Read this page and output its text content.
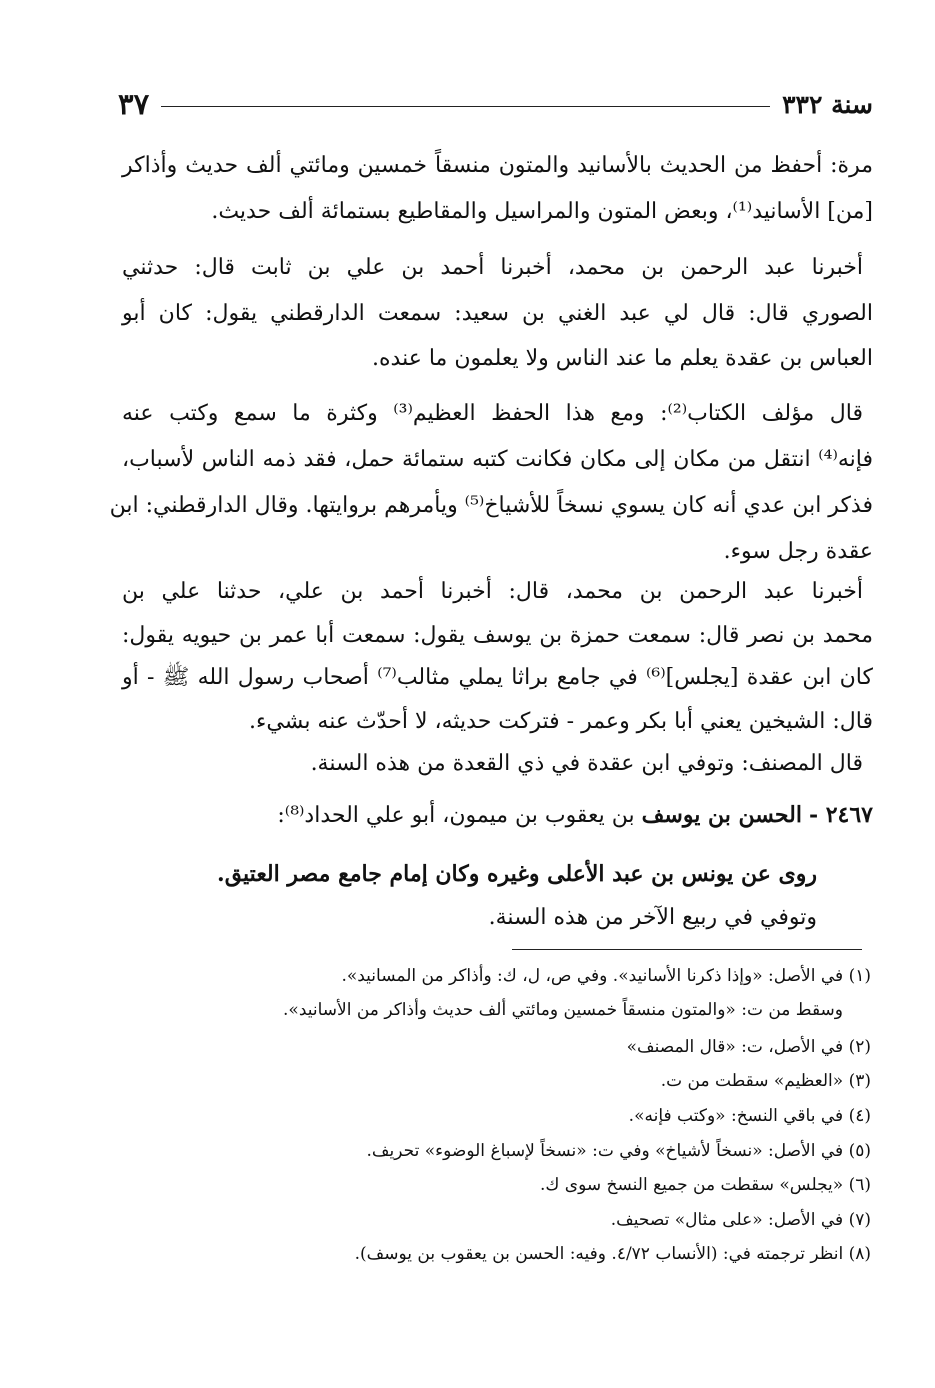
سنة ٣٣٢
٣٧
مرة: أحفظ من الحديث بالأسانيد والمتون منسقاً خمسين ومائتي ألف حديث وأذاكر
[من] الأسانيد⁽¹⁾، وبعض المتون والمراسيل والمقاطيع بستمائة ألف حديث.
أخبرنا عبد الرحمن بن محمد، أخبرنا أحمد بن علي بن ثابت قال: حدثني
الصوري قال: قال لي عبد الغني بن سعيد: سمعت الدارقطني يقول: كان أبو
العباس بن عقدة يعلم ما عند الناس ولا يعلمون ما عنده.
قال مؤلف الكتاب⁽²⁾: ومع هذا الحفظ العظيم⁽³⁾ وكثرة ما سمع وكتب عنه
فإنه⁽⁴⁾ انتقل من مكان إلى مكان فكانت كتبه ستمائة حمل، فقد ذمه الناس لأسباب،
فذكر ابن عدي أنه كان يسوي نسخاً للأشياخ⁽⁵⁾ ويأمرهم بروايتها. وقال الدارقطني: ابن
عقدة رجل سوء.
أخبرنا عبد الرحمن بن محمد، قال: أخبرنا أحمد بن علي، حدثنا علي بن
محمد بن نصر قال: سمعت حمزة بن يوسف يقول: سمعت أبا عمر بن حيويه يقول:
كان ابن عقدة [يجلس]⁽⁶⁾ في جامع براثا يملي مثالب⁽⁷⁾ أصحاب رسول الله ﷺ - أو
قال: الشيخين يعني أبا بكر وعمر - فتركت حديثه، لا أحدّث عنه بشيء.
قال المصنف: وتوفي ابن عقدة في ذي القعدة من هذه السنة.
٢٤٦٧ - الحسن بن يوسف بن يعقوب بن ميمون، أبو علي الحداد⁽⁸⁾:
روى عن يونس بن عبد الأعلى وغيره وكان إمام جامع مصر العتيق.
وتوفي في ربيع الآخر من هذه السنة.
(١) في الأصل: «وإذا ذكرنا الأسانيد». وفي ص، ل، ك: وأذاكر من المسانيد».
وسقط من ت: «والمتون منسقاً خمسين ومائتي ألف حديث وأذاكر من الأسانيد».
(٢) في الأصل، ت: «قال المصنف»
(٣) «العظيم» سقطت من ت.
(٤) في باقي النسخ: «وكتب فإنه».
(٥) في الأصل: «نسخاً لأشياخ» وفي ت: «نسخاً لإسباغ الوضوء» تحريف.
(٦) «يجلس» سقطت من جميع النسخ سوى ك.
(٧) في الأصل: «على مثال» تصحيف.
(٨) انظر ترجمته في: (الأنساب ٤/٧٢. وفيه: الحسن بن يعقوب بن يوسف).
